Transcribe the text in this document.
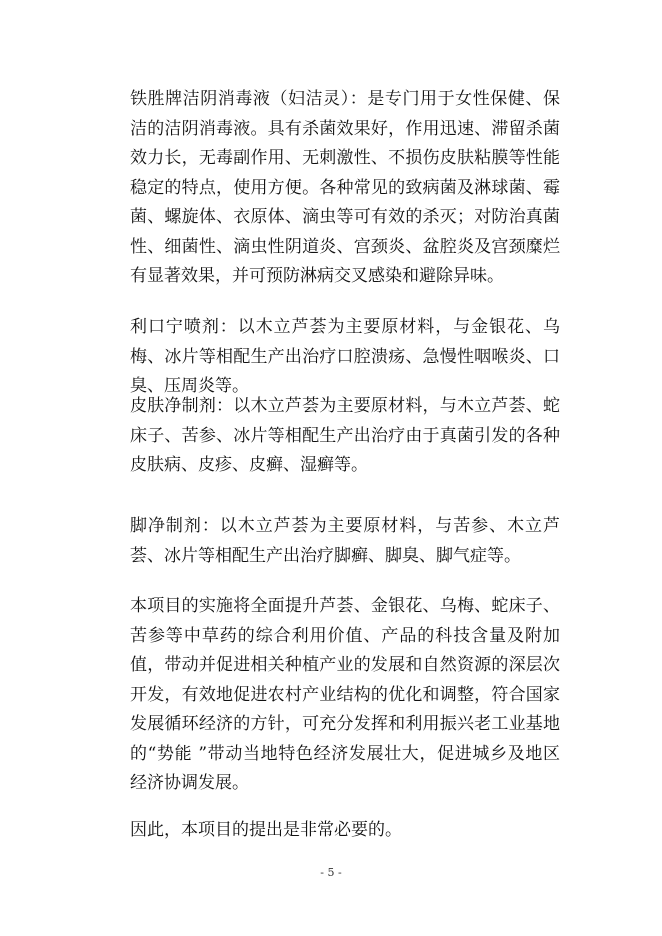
铁胜牌洁阴消毒液（妇洁灵）：是专门用于女性保健、保洁的洁阴消毒液。具有杀菌效果好，作用迅速、滞留杀菌效力长，无毒副作用、无刺激性、不损伤皮肤粘膜等性能稳定的特点，使用方便。各种常见的致病菌及淋球菌、霉菌、螺旋体、衣原体、滴虫等可有效的杀灭；对防治真菌性、细菌性、滴虫性阴道炎、宫颈炎、盆腔炎及宫颈糜烂有显著效果，并可预防淋病交叉感染和避除异味。

利口宁喷剂：以木立芦荟为主要原材料，与金银花、乌梅、冰片等相配生产出治疗口腔溃疡、急慢性咽喉炎、口臭、压周炎等。

皮肤净制剂：以木立芦荟为主要原材料，与木立芦荟、蛇床子、苦参、冰片等相配生产出治疗由于真菌引发的各种皮肤病、皮疹、皮癣、湿癣等。

脚净制剂：以木立芦荟为主要原材料，与苦参、木立芦荟、冰片等相配生产出治疗脚癣、脚臭、脚气症等。

本项目的实施将全面提升芦荟、金银花、乌梅、蛇床子、苦参等中草药的综合利用价值、产品的科技含量及附加值，带动并促进相关种植产业的发展和自然资源的深层次开发，有效地促进农村产业结构的优化和调整，符合国家发展循环经济的方针，可充分发挥和利用振兴老工业基地的“势能 ”带动当地特色经济发展壮大，促进城乡及地区经济协调发展。

因此，本项目的提出是非常必要的。

- 5 -
